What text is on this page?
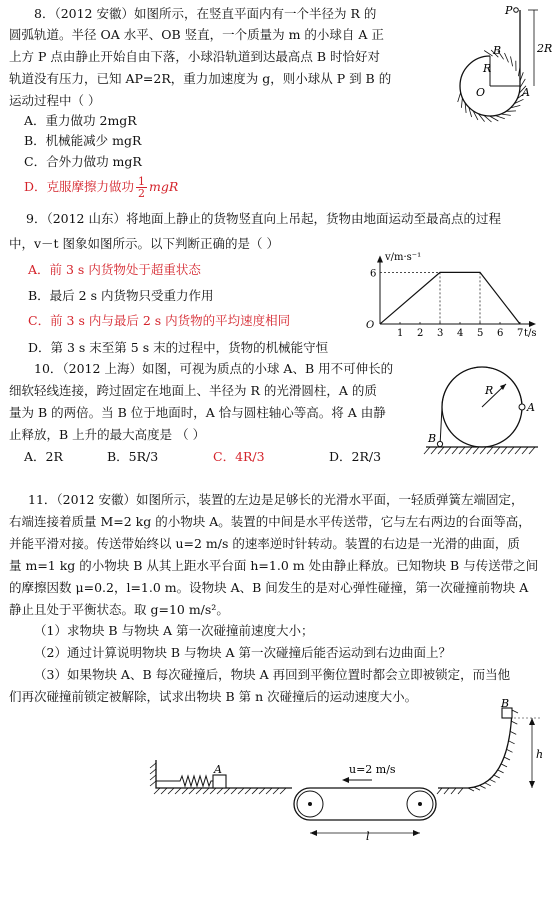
8．（2012 安徽）如图所示，在竖直平面内有一个半径为 R 的
圆弧轨道。半径 OA 水平、OB 竖直，一个质量为 m 的小球自 A 正
上方 P 点由静止开始自由下落，小球沿轨道到达最高点 B 时恰好对
轨道没有压力，已知 AP=2R，重力加速度为 g，则小球从 P 到 B 的
运动过程中（ ）
A．重力做功 2mgR
B．机械能减少 mgR
C．合外力做功 mgR
D．克服摩擦力做功 $\frac{1}{2}$ mgR
P
B
R
O	A
2R
9．（2012 山东）将地面上静止的货物竖直向上吊起，货物由地面运动至最高点的过程
中，v－t 图象如图所示。以下判断正确的是（ ）
A．前 3 s 内货物处于超重状态
B．最后 2 s 内货物只受重力作用
C．前 3 s 内与最后 2 s 内货物的平均速度相同
D．第 3 s 末至第 5 s 末的过程中，货物的机械能守恒
1 2 3 4 5 6 7
6
O
v/m·s⁻¹
t/s
10．（2012 上海）如图，可视为质点的小球 A、B 用不可伸长的
细软轻线连接，跨过固定在地面上、半径为 R 的光滑圆柱，A 的质
量为 B 的两倍。当 B 位于地面时，A 恰与圆柱轴心等高。将 A 由静
止释放，B 上升的最大高度是 （ ）
A．2R	B．5R/3	C．4R/3	D．2R/3
R
A
B
11．（2012 安徽）如图所示，装置的左边是足够长的光滑水平面，一轻质弹簧左端固定，
右端连接着质量 M=2 kg 的小物块 A。装置的中间是水平传送带，它与左右两边的台面等高，
并能平滑对接。传送带始终以 u=2 m/s 的速率逆时针转动。装置的右边是一光滑的曲面，质
量 m=1 kg 的小物块 B 从其上距水平台面 h=1.0 m 处由静止释放。已知物块 B 与传送带之间
的摩擦因数 μ=0.2，l=1.0 m。设物块 A、B 间发生的是对心弹性碰撞，第一次碰撞前物块 A
静止且处于平衡状态。取 g=10 m/s²。
（1）求物块 B 与物块 A 第一次碰撞前速度大小；
（2）通过计算说明物块 B 与物块 A 第一次碰撞后能否运动到右边曲面上？
（3）如果物块 A、B 每次碰撞后，物块 A 再回到平衡位置时都会立即被锁定，而当他
们再次碰撞前锁定被解除，试求出物块 B 第 n 次碰撞后的运动速度大小。
A	u=2 m/s
l
B
h
